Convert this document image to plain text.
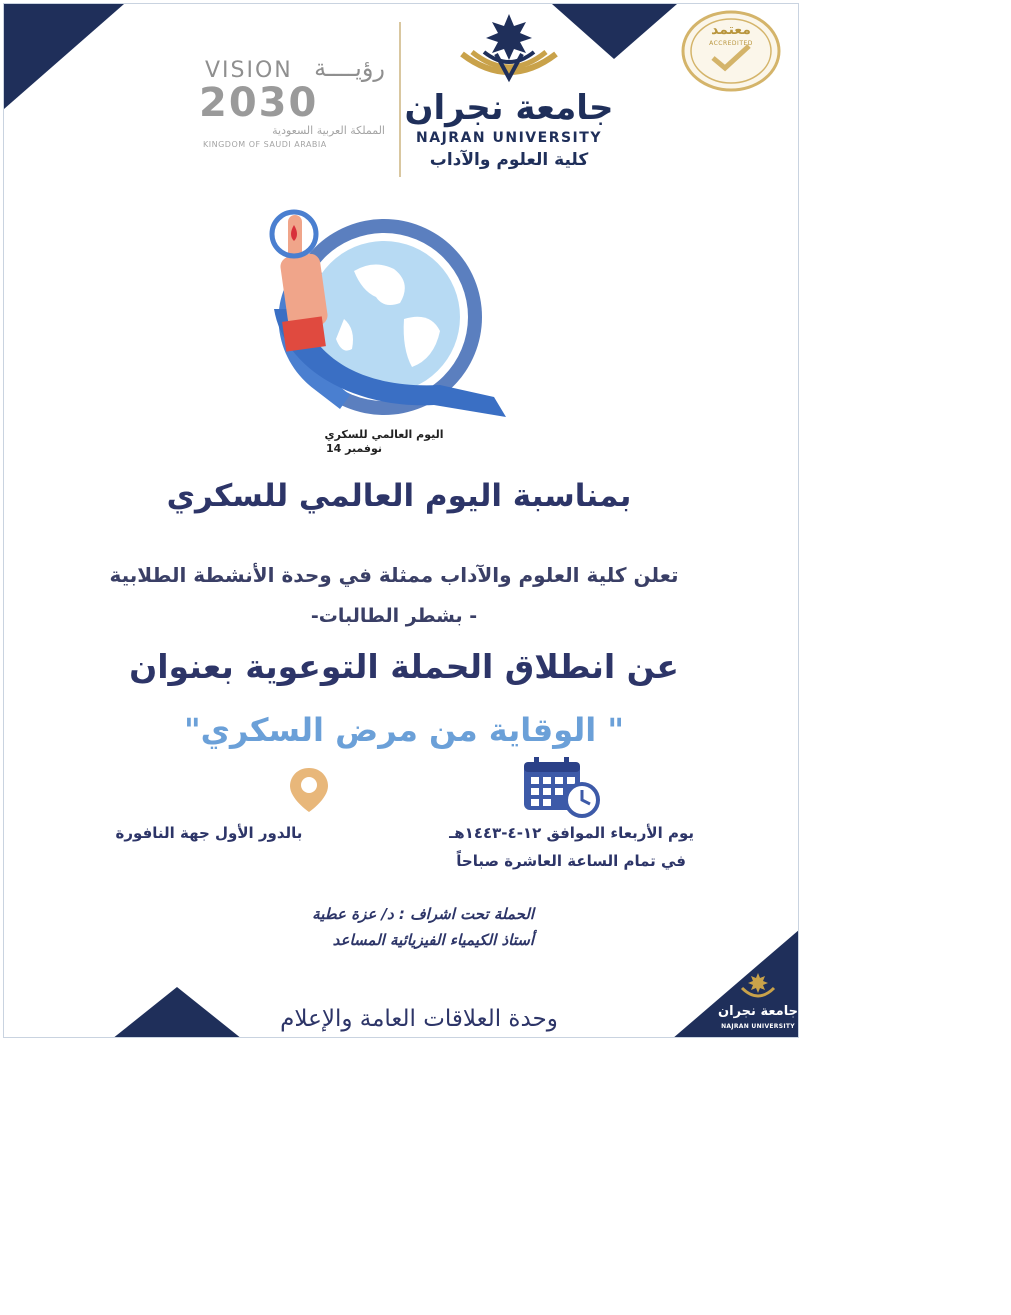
VISION رؤيــــة
2030
المملكة العربية السعودية
KINGDOM OF SAUDI ARABIA
جامعة نجران
NAJRAN UNIVERSITY
كلية العلوم والآداب
معتمد
ACCREDITED
اليوم العالمي للسكري
نوفمبر 14
بمناسبة اليوم العالمي للسكري
تعلن كلية العلوم والآداب ممثلة في وحدة الأنشطة الطلابية
- بشطر الطالبات-
عن انطلاق الحملة التوعوية بعنوان
" الوقاية من مرض السكري"
بالدور الأول جهة النافورة	يوم الأربعاء الموافق ١٢-٤-١٤٤٣هـ
في تمام الساعة العاشرة صباحاً
الحملة تحت اشراف : د/ عزة عطية
أستاذ الكيمياء الفيزيائية المساعد
وحدة العلاقات العامة والإعلام	جامعة نجران
NAJRAN UNIVERSITY
